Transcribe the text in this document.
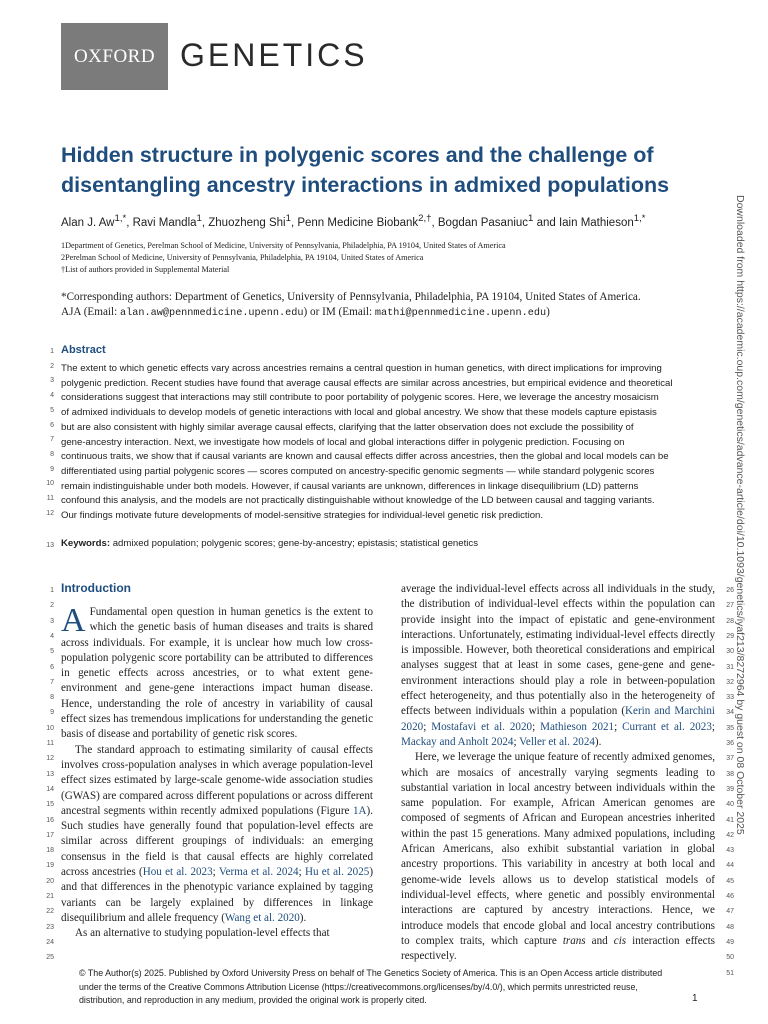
OXFORD GENETICS
Hidden structure in polygenic scores and the challenge of disentangling ancestry interactions in admixed populations
Alan J. $Aw^{1,*}$, Ravi Mandla$^1$, Zhuozheng Shi$^1$, Penn Medicine Biobank$^{2,\dagger}$, Bogdan Pasaniuc$^1$ and Iain Mathieson$^{1,*}$
1Department of Genetics, Perelman School of Medicine, University of Pennsylvania, Philadelphia, PA 19104, United States of America
2Perelman School of Medicine, University of Pennsylvania, Philadelphia, PA 19104, United States of America
†List of authors provided in Supplemental Material
*Corresponding authors: Department of Genetics, University of Pennsylvania, Philadelphia, PA 19104, United States of America.
AJA (Email: alan.aw@pennmedicine.upenn.edu) or IM (Email: mathi@pennmedicine.upenn.edu)	Downloaded from https://academic.oup.com/genetics/advance-article/doi/10.1093/genetics/iyaf213/8272964 by guest on 08 October 2025
Abstract
The extent to which genetic effects vary across ancestries remains a central question in human genetics, with direct implications for improving
polygenic prediction. Recent studies have found that average causal effects are similar across ancestries, but empirical evidence and theoretical
considerations suggest that interactions may still contribute to poor portability of polygenic scores. Here, we leverage the ancestry mosaicism
of admixed individuals to develop models of genetic interactions with local and global ancestry. We show that these models capture epistasis
but are also consistent with highly similar average causal effects, clarifying that the latter observation does not exclude the possibility of
gene-ancestry interaction. Next, we investigate how models of local and global interactions differ in polygenic prediction. Focusing on
continuous traits, we show that if causal variants are known and causal effects differ across ancestries, then the global and local models can be
differentiated using partial polygenic scores — scores computed on ancestry-specific genomic segments — while standard polygenic scores
remain indistinguishable under both models. However, if causal variants are unknown, differences in linkage disequilibrium (LD) patterns
confound this analysis, and the models are not practically distinguishable without knowledge of the LD between causal and tagging variants.
Our findings motivate future developments of model-sensitive strategies for individual-level genetic risk prediction.
Keywords: admixed population; polygenic scores; gene-by-ancestry; epistasis; statistical genetics
Introduction

A Fundamental open question in human genetics is the extent to which the genetic basis of human diseases and traits is shared across individuals. For example, it is unclear how much low cross-population polygenic score portability can be attributed to differences in genetic effects across ancestries, or to what extent gene-environment and gene-gene interactions impact human disease. Hence, understanding the role of ancestry in variability of causal effect sizes has tremendous implications for understanding the genetic basis of disease and portability of genetic risk scores.

The standard approach to estimating similarity of causal effects involves cross-population analyses in which average population-level effect sizes estimated by large-scale genome-wide association studies (GWAS) are compared across different populations or across different ancestral segments within recently admixed populations (Figure 1A). Such studies have generally found that population-level effects are similar across different groupings of individuals: an emerging consensus in the field is that causal effects are highly correlated across ancestries (Hou et al. 2023; Verma et al. 2024; Hu et al. 2025) and that differences in the phenotypic variance explained by tagging variants can be largely explained by differences in linkage disequilibrium and allele frequency (Wang et al. 2020).

As an alternative to studying population-level effects that

average the individual-level effects across all individuals in the study, the distribution of individual-level effects within the population can provide insight into the impact of epistatic and gene-environment interactions. Unfortunately, estimating individual-level effects directly is impossible. However, both theoretical considerations and empirical analyses suggest that at least in some cases, gene-gene and gene-environment interactions should play a role in between-population effect heterogeneity, and thus potentially also in the heterogeneity of effects between individuals within a population (Kerin and Marchini 2020; Mostafavi et al. 2020; Mathieson 2021; Currant et al. 2023; Mackay and Anholt 2024; Veller et al. 2024).

Here, we leverage the unique feature of recently admixed genomes, which are mosaics of ancestrally varying segments leading to substantial variation in local ancestry between individuals within the same population. For example, African American genomes are composed of segments of African and European ancestries inherited within the past 15 generations. Many admixed populations, including African Americans, also exhibit substantial variation in global ancestry proportions. This variability in ancestry at both local and genome-wide levels allows us to develop statistical models of individual-level effects, where genetic and possibly environmental interactions are captured by ancestry interactions. Hence, we introduce models that encode global and local ancestry contributions to complex traits, which capture trans and cis interaction effects respectively.

1
2
3
4
5
6
7
8
9
10
11
12
13
1
2
3
4
5
6
7
8
9
10
11
12
13
14
15
16
17
18
19
20
21
22
23
24
25
26
27
28
29
30
31
32
33
34
35
36
37
38
39
40
41
42
43
44
45
46
47
48
49
50
51
© The Author(s) 2025. Published by Oxford University Press on behalf of The Genetics Society of America. This is an Open Access article distributed under the terms of the Creative Commons Attribution License (https://creativecommons.org/licenses/by/4.0/), which permits unrestricted reuse, distribution, and reproduction in any medium, provided the original work is properly cited.	1
